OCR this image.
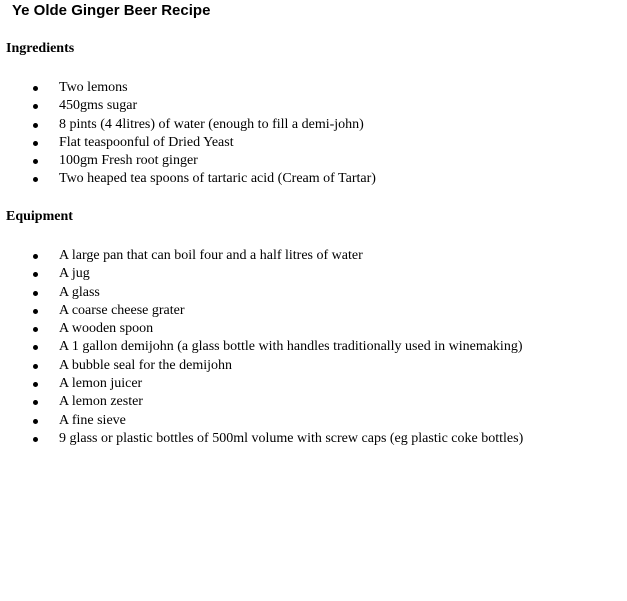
Ye Olde Ginger Beer Recipe
Ingredients
Two lemons
450gms sugar
8 pints (4 4litres) of water (enough to fill a demi-john)
Flat teaspoonful of Dried Yeast
100gm Fresh root ginger
Two heaped tea spoons of tartaric acid (Cream of Tartar)
Equipment
A large pan that can boil four and a half litres of water
A jug
A glass
A coarse cheese grater
A wooden spoon
A 1 gallon demijohn (a glass bottle with handles traditionally used in winemaking)
A bubble seal for the demijohn
A lemon juicer
A lemon zester
A fine sieve
9 glass or plastic bottles of 500ml volume with screw caps (eg plastic coke bottles)
